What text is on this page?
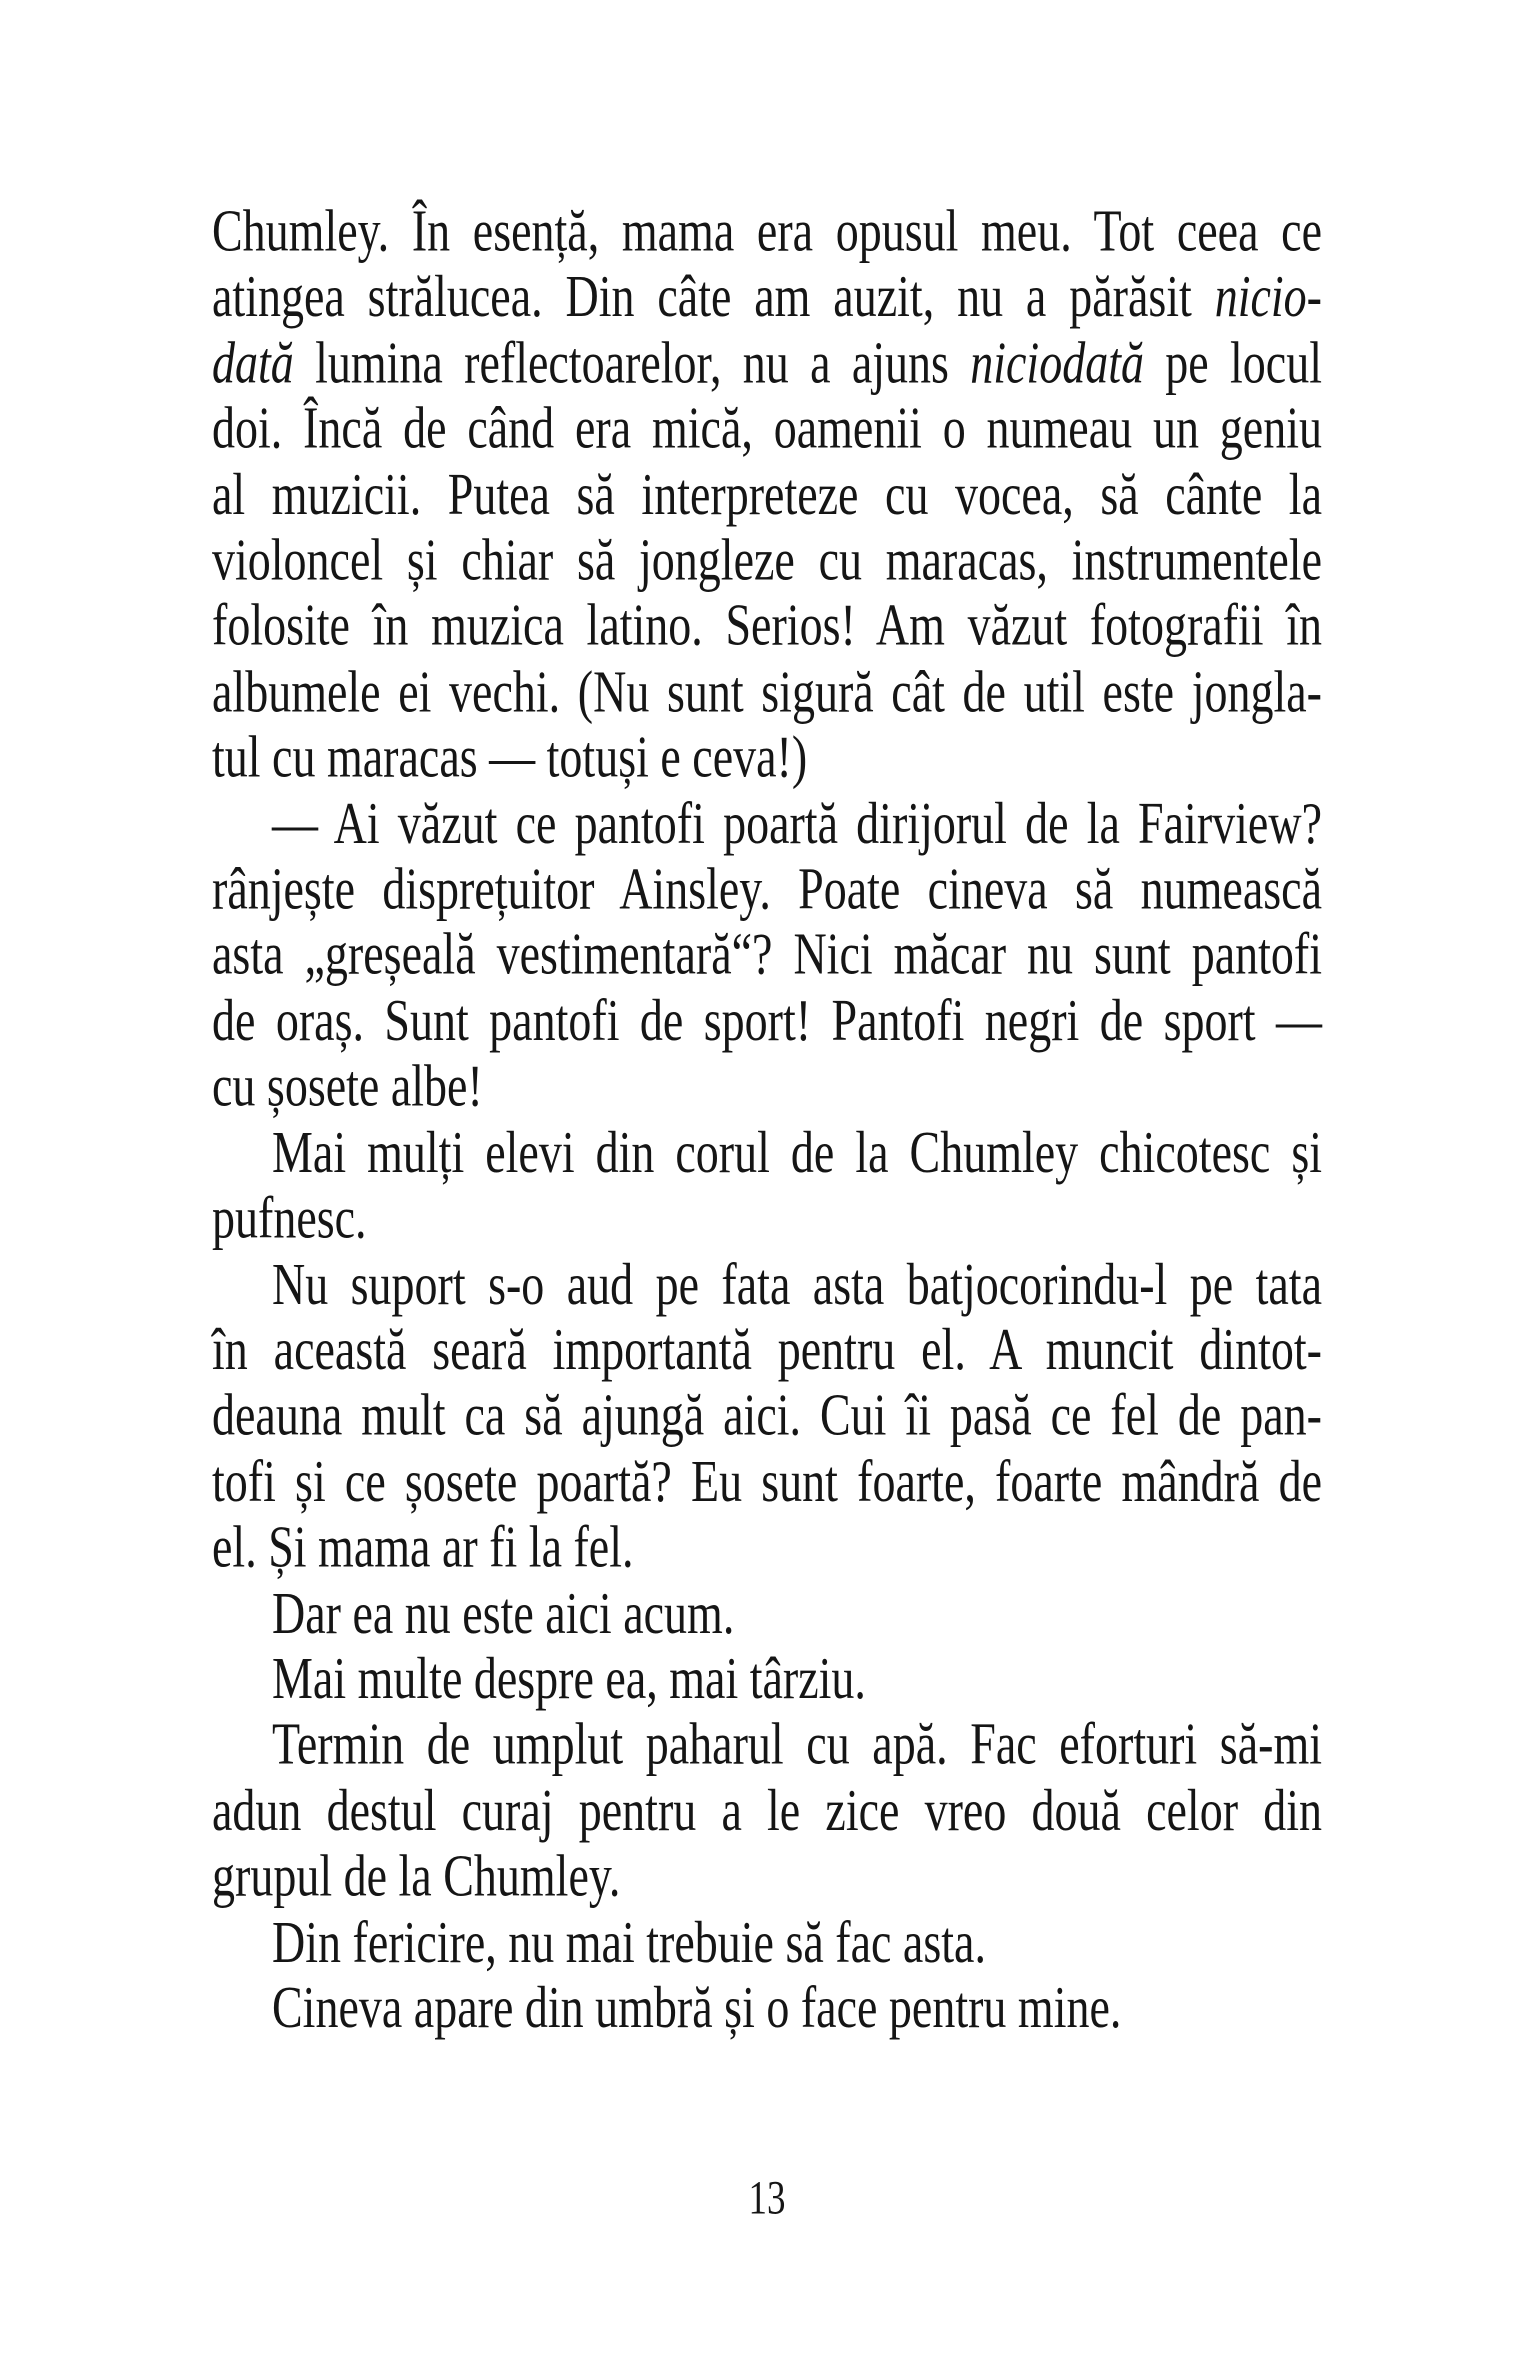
Chumley. În esență, mama era opusul meu. Tot ceea ce
atingea strălucea. Din câte am auzit, nu a părăsit nicio-
dată lumina reflectoarelor, nu a ajuns niciodată pe locul
doi. Încă de când era mică, oamenii o numeau un geniu
al muzicii. Putea să interpreteze cu vocea, să cânte la
violoncel și chiar să jongleze cu maracas, instrumentele
folosite în muzica latino. Serios! Am văzut fotografii în
albumele ei vechi. (Nu sunt sigură cât de util este jongla-
tul cu maracas — totuși e ceva!)

— Ai văzut ce pantofi poartă dirijorul de la Fairview?
rânjește disprețuitor Ainsley. Poate cineva să numească
asta „greșeală vestimentară“? Nici măcar nu sunt pantofi
de oraș. Sunt pantofi de sport! Pantofi negri de sport —
cu șosete albe!

Mai mulți elevi din corul de la Chumley chicotesc și
pufnesc.

Nu suport s-o aud pe fata asta batjocorindu-l pe tata
în această seară importantă pentru el. A muncit dintot-
deauna mult ca să ajungă aici. Cui îi pasă ce fel de pan-
tofi și ce șosete poartă? Eu sunt foarte, foarte mândră de
el. Și mama ar fi la fel.

Dar ea nu este aici acum.

Mai multe despre ea, mai târziu.

Termin de umplut paharul cu apă. Fac eforturi să-mi
adun destul curaj pentru a le zice vreo două celor din
grupul de la Chumley.

Din fericire, nu mai trebuie să fac asta.

Cineva apare din umbră și o face pentru mine.

13
